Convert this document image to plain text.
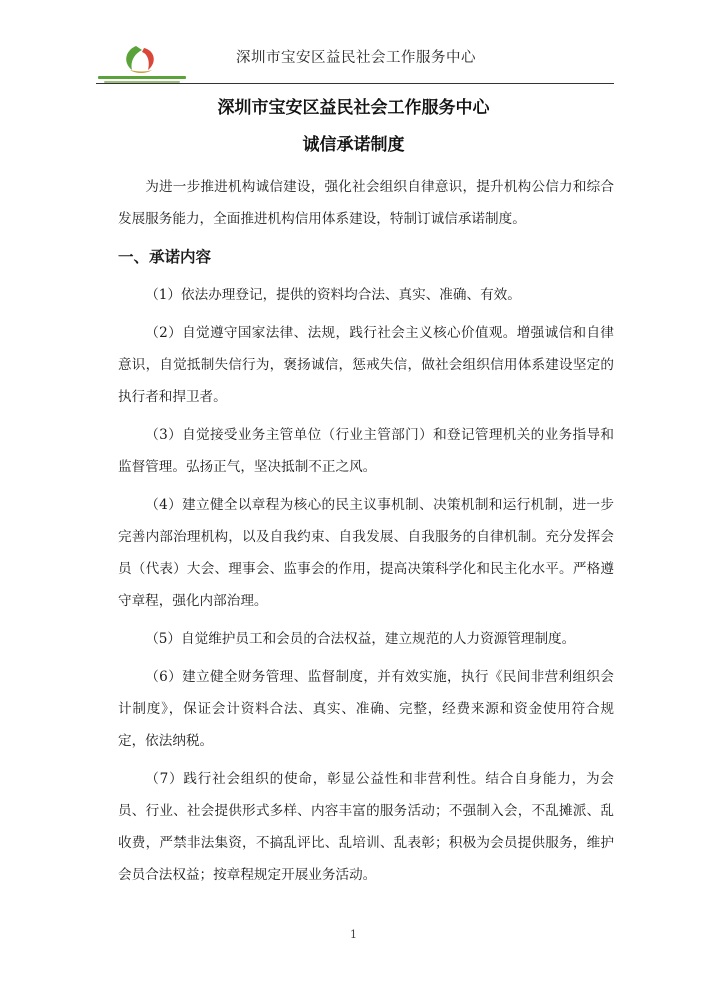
深圳市宝安区益民社会工作服务中心
深圳市宝安区益民社会工作服务中心
诚信承诺制度

为进一步推进机构诚信建设，强化社会组织自律意识，提升机构公信力和综合发展服务能力，全面推进机构信用体系建设，特制订诚信承诺制度。

一、承诺内容

（1）依法办理登记，提供的资料均合法、真实、准确、有效。

（2）自觉遵守国家法律、法规，践行社会主义核心价值观。增强诚信和自律意识，自觉抵制失信行为，褒扬诚信，惩戒失信，做社会组织信用体系建设坚定的执行者和捍卫者。

（3）自觉接受业务主管单位（行业主管部门）和登记管理机关的业务指导和监督管理。弘扬正气，坚决抵制不正之风。

（4）建立健全以章程为核心的民主议事机制、决策机制和运行机制，进一步完善内部治理机构，以及自我约束、自我发展、自我服务的自律机制。充分发挥会员（代表）大会、理事会、监事会的作用，提高决策科学化和民主化水平。严格遵守章程，强化内部治理。

（5）自觉维护员工和会员的合法权益，建立规范的人力资源管理制度。

（6）建立健全财务管理、监督制度，并有效实施，执行《民间非营利组织会计制度》，保证会计资料合法、真实、准确、完整，经费来源和资金使用符合规定，依法纳税。

（7）践行社会组织的使命，彰显公益性和非营利性。结合自身能力，为会员、行业、社会提供形式多样、内容丰富的服务活动；不强制入会，不乱摊派、乱收费，严禁非法集资，不搞乱评比、乱培训、乱表彰；积极为会员提供服务，维护会员合法权益；按章程规定开展业务活动。

1
